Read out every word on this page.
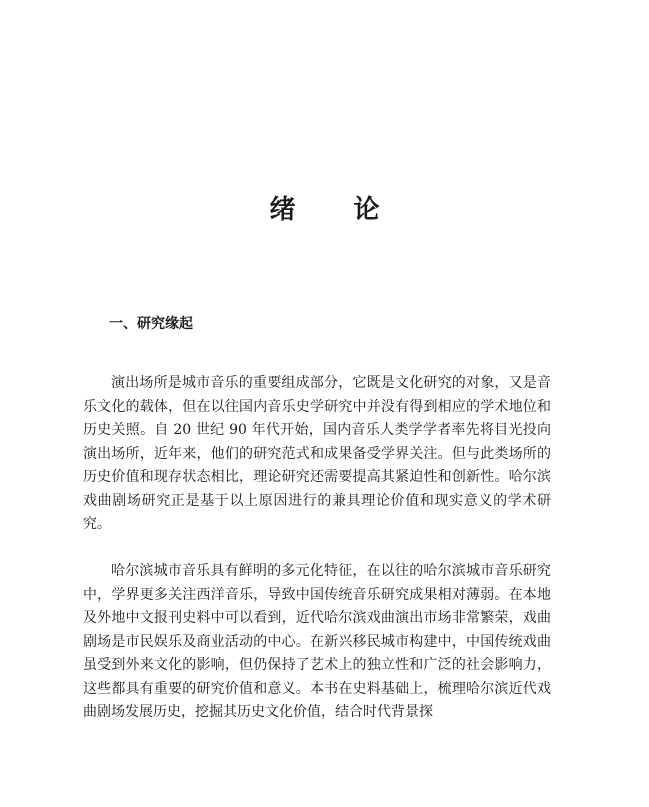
绪 论
一、研究缘起

演出场所是城市音乐的重要组成部分，它既是文化研究的对象，又是音乐文化的载体，但在以往国内音乐史学研究中并没有得到相应的学术地位和历史关照。自 20 世纪 90 年代开始，国内音乐人类学学者率先将目光投向演出场所，近年来，他们的研究范式和成果备受学界关注。但与此类场所的历史价值和现存状态相比，理论研究还需要提高其紧迫性和创新性。哈尔滨戏曲剧场研究正是基于以上原因进行的兼具理论价值和现实意义的学术研究。

哈尔滨城市音乐具有鲜明的多元化特征，在以往的哈尔滨城市音乐研究中，学界更多关注西洋音乐，导致中国传统音乐研究成果相对薄弱。在本地及外地中文报刊史料中可以看到，近代哈尔滨戏曲演出市场非常繁荣，戏曲剧场是市民娱乐及商业活动的中心。在新兴移民城市构建中，中国传统戏曲虽受到外来文化的影响，但仍保持了艺术上的独立性和广泛的社会影响力，这些都具有重要的研究价值和意义。本书在史料基础上，梳理哈尔滨近代戏曲剧场发展历史，挖掘其历史文化价值，结合时代背景探
